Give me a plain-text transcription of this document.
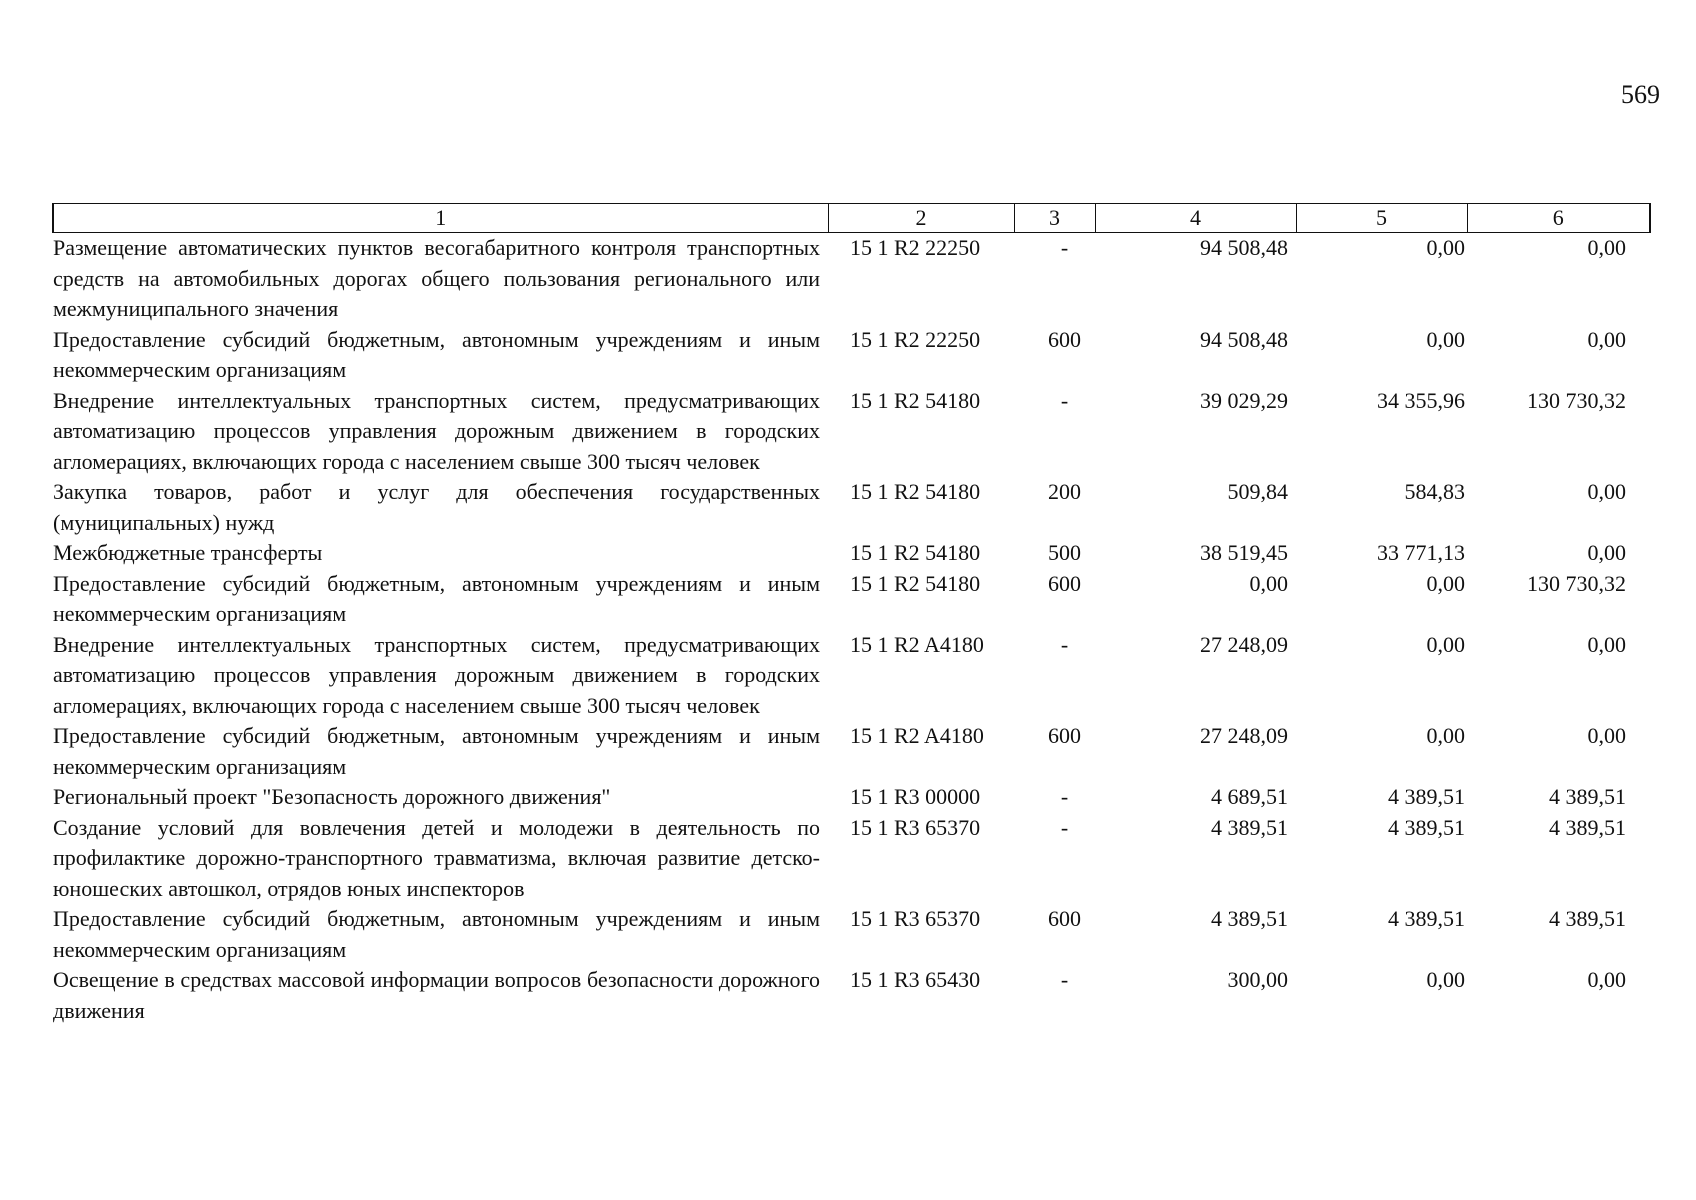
569
1	2	3	4	5	6
Размещение автоматических пунктов весогабаритного контроля транспортных средств на автомобильных дорогах общего пользования регионального или межмуниципального значения	15 1 R2 22250	-	94 508,48	0,00	0,00
Предоставление субсидий бюджетным, автономным учреждениям и иным некоммерческим организациям	15 1 R2 22250	600	94 508,48	0,00	0,00
Внедрение интеллектуальных транспортных систем, предусматривающих автоматизацию процессов управления дорожным движением в городских агломерациях, включающих города с населением свыше 300 тысяч человек	15 1 R2 54180	-	39 029,29	34 355,96	130 730,32
Закупка товаров, работ и услуг для обеспечения государственных (муниципальных) нужд	15 1 R2 54180	200	509,84	584,83	0,00
Межбюджетные трансферты	15 1 R2 54180	500	38 519,45	33 771,13	0,00
Предоставление субсидий бюджетным, автономным учреждениям и иным некоммерческим организациям	15 1 R2 54180	600	0,00	0,00	130 730,32
Внедрение интеллектуальных транспортных систем, предусматривающих автоматизацию процессов управления дорожным движением в городских агломерациях, включающих города с населением свыше 300 тысяч человек	15 1 R2 A4180	-	27 248,09	0,00	0,00
Предоставление субсидий бюджетным, автономным учреждениям и иным некоммерческим организациям	15 1 R2 A4180	600	27 248,09	0,00	0,00
Региональный проект "Безопасность дорожного движения"	15 1 R3 00000	-	4 689,51	4 389,51	4 389,51
Создание условий для вовлечения детей и молодежи в деятельность по профилактике дорожно-транспортного травматизма, включая развитие детско-юношеских автошкол, отрядов юных инспекторов	15 1 R3 65370	-	4 389,51	4 389,51	4 389,51
Предоставление субсидий бюджетным, автономным учреждениям и иным некоммерческим организациям	15 1 R3 65370	600	4 389,51	4 389,51	4 389,51
Освещение в средствах массовой информации вопросов безопасности дорожного движения	15 1 R3 65430	-	300,00	0,00	0,00
